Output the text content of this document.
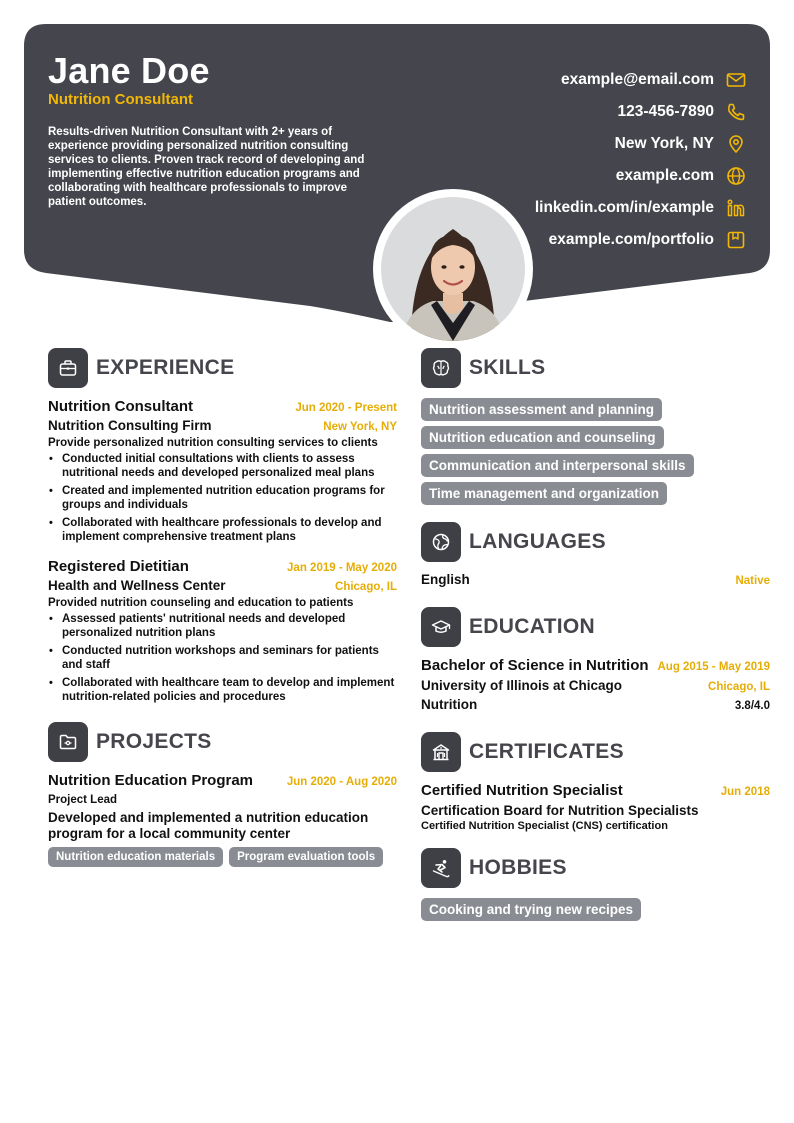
Jane Doe
Nutrition Consultant
Results-driven Nutrition Consultant with 2+ years of experience providing personalized nutrition consulting services to clients. Proven track record of developing and implementing effective nutrition education programs and collaborating with healthcare professionals to improve patient outcomes.
example@email.com
123-456-7890
New York, NY
example.com
linkedin.com/in/example
example.com/portfolio
EXPERIENCE
Nutrition Consultant	Jun 2020 - Present
Nutrition Consulting Firm	New York, NY
Provide personalized nutrition consulting services to clients
• Conducted initial consultations with clients to assess nutritional needs and developed personalized meal plans
• Created and implemented nutrition education programs for groups and individuals
• Collaborated with healthcare professionals to develop and implement comprehensive treatment plans
Registered Dietitian	Jan 2019 - May 2020
Health and Wellness Center	Chicago, IL
Provided nutrition counseling and education to patients
• Assessed patients' nutritional needs and developed personalized nutrition plans
• Conducted nutrition workshops and seminars for patients and staff
• Collaborated with healthcare team to develop and implement nutrition-related policies and procedures
PROJECTS
Nutrition Education Program	Jun 2020 - Aug 2020
Project Lead
Developed and implemented a nutrition education program for a local community center
Nutrition education materials Program evaluation tools
SKILLS
Nutrition assessment and planning
Nutrition education and counseling
Communication and interpersonal skills
Time management and organization
LANGUAGES
English	Native
EDUCATION
Bachelor of Science in Nutrition Aug 2015 - May 2019
University of Illinois at Chicago	Chicago, IL
Nutrition	3.8/4.0
CERTIFICATES
Certified Nutrition Specialist	Jun 2018
Certification Board for Nutrition Specialists
Certified Nutrition Specialist (CNS) certification
HOBBIES
Cooking and trying new recipes
